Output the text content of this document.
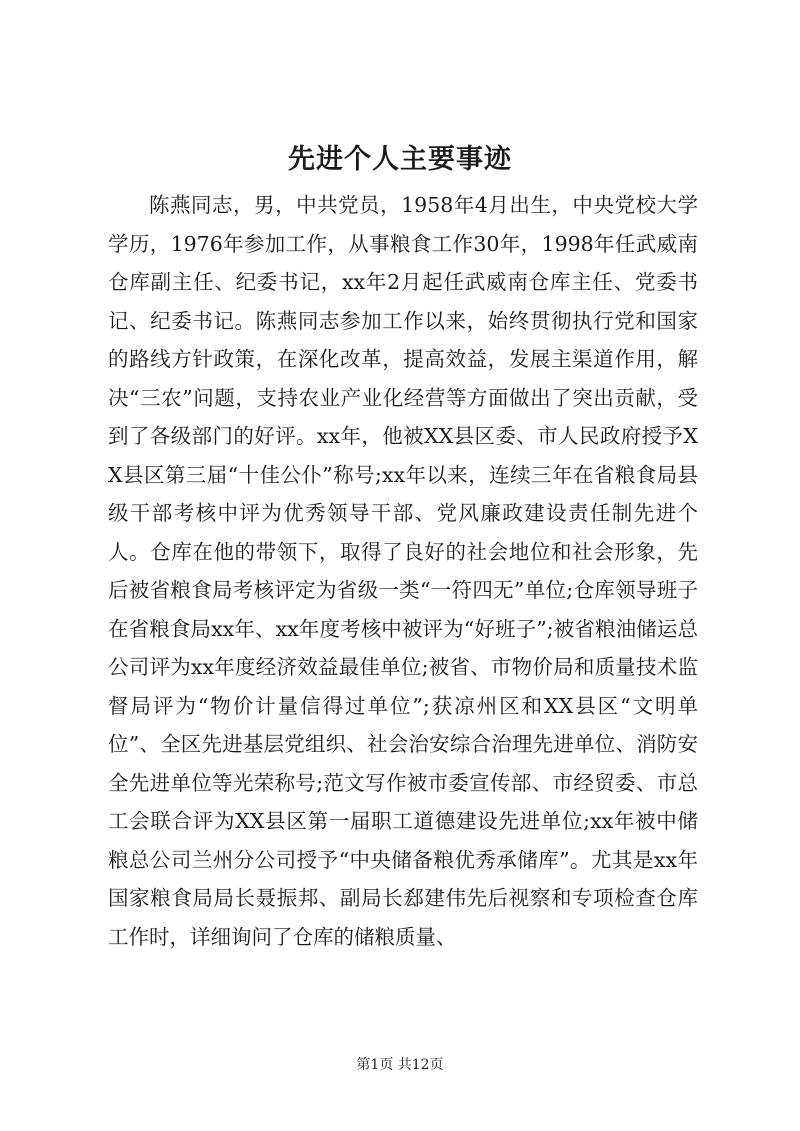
先进个人主要事迹

陈燕同志，男，中共党员，1958年4月出生，中央党校大学学历，1976年参加工作，从事粮食工作30年，1998年任武威南仓库副主任、纪委书记，xx年2月起任武威南仓库主任、党委书记、纪委书记。陈燕同志参加工作以来，始终贯彻执行党和国家的路线方针政策，在深化改革，提高效益，发展主渠道作用，解决“三农”问题，支持农业产业化经营等方面做出了突出贡献，受到了各级部门的好评。xx年，他被XX县区委、市人民政府授予XX县区第三届“十佳公仆”称号;xx年以来，连续三年在省粮食局县级干部考核中评为优秀领导干部、党风廉政建设责任制先进个人。仓库在他的带领下，取得了良好的社会地位和社会形象，先后被省粮食局考核评定为省级一类“一符四无”单位;仓库领导班子在省粮食局xx年、xx年度考核中被评为“好班子”;被省粮油储运总公司评为xx年度经济效益最佳单位;被省、市物价局和质量技术监督局评为“物价计量信得过单位”;获凉州区和XX县区“文明单位”、全区先进基层党组织、社会治安综合治理先进单位、消防安全先进单位等光荣称号;范文写作被市委宣传部、市经贸委、市总工会联合评为XX县区第一届职工道德建设先进单位;xx年被中储粮总公司兰州分公司授予“中央储备粮优秀承储库”。尤其是xx年国家粮食局局长聂振邦、副局长郄建伟先后视察和专项检查仓库工作时，详细询问了仓库的储粮质量、

第1页 共12页
